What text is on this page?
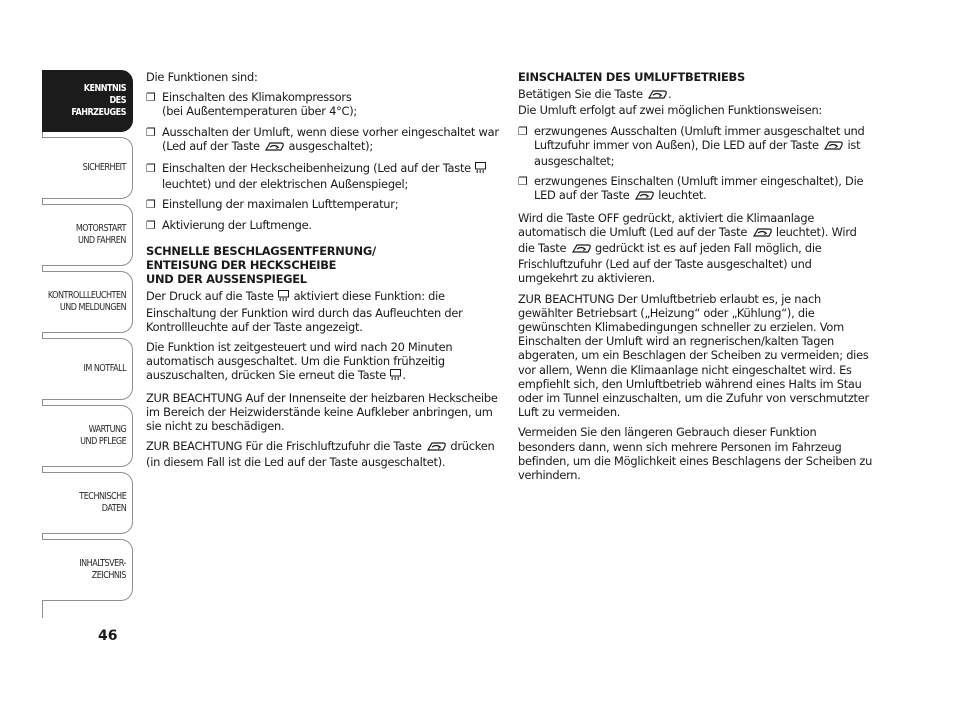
KENNTNIS
DES FAHRZEUGES
SICHERHEIT
MOTORSTART
UND FAHREN
KONTROLLLEUCHTEN
UND MELDUNGEN
IM NOTFALL
WARTUNG
UND PFLEGE
TECHNISCHE
DATEN
INHALTSVER-
ZEICHNIS
46

Die Funktionen sind:

❐ Einschalten des Klimakompressors
(bei Außentemperaturen über 4°C);
❐ Ausschalten der Umluft, wenn diese vorher eingeschaltet war (Led auf der Taste	ausgeschaltet);
❐ Einschalten der Heckscheibenheizung (Led auf der Taste  leuchtet) und der elektrischen Außenspiegel;
❐ Einstellung der maximalen Lufttemperatur;
❐ Aktivierung der Luftmenge.
SCHNELLE BESCHLAGSENTFERNUNG/
ENTEISUNG DER HECKSCHEIBE
UND DER AUSSENSPIEGEL

Der Druck auf die Taste aktiviert diese Funktion: die Einschaltung der Funktion wird durch das Aufleuchten der Kontrollleuchte auf der Taste angezeigt.

Die Funktion ist zeitgesteuert und wird nach 20 Minuten automatisch ausgeschaltet. Um die Funktion frühzeitig auszuschalten, drücken Sie erneut die Taste .

ZUR BEACHTUNG Auf der Innenseite der heizbaren Heckscheibe im Bereich der Heizwiderstände keine Aufkleber anbringen, um sie nicht zu beschädigen.

ZUR BEACHTUNG Für die Frischluftzufuhr die Taste	drücken (in diesem Fall ist die Led auf der Taste ausgeschaltet).

EINSCHALTEN DES UMLUFTBETRIEBS

Betätigen Sie die Taste .
Die Umluft erfolgt auf zwei möglichen Funktionsweisen:

❐ erzwungenes Ausschalten (Umluft immer ausgeschaltet und Luftzufuhr immer von Außen), Die LED auf der Taste	ist ausgeschaltet;
❐ erzwungenes Einschalten (Umluft immer eingeschaltet), Die LED auf der Taste	leuchtet.

Wird die Taste OFF gedrückt, aktiviert die Klimaanlage automatisch die Umluft (Led auf der Taste	leuchtet). Wird die Taste	gedrückt ist es auf jeden Fall möglich, die Frischluftzufuhr (Led auf der Taste ausgeschaltet) und umgekehrt zu aktivieren.

ZUR BEACHTUNG Der Umluftbetrieb erlaubt es, je nach gewählter Betriebsart („Heizung“ oder „Kühlung“), die gewünschten Klimabedingungen schneller zu erzielen. Vom Einschalten der Umluft wird an regnerischen/kalten Tagen abgeraten, um ein Beschlagen der Scheiben zu vermeiden; dies vor allem, Wenn die Klimaanlage nicht eingeschaltet wird. Es empfiehlt sich, den Umluftbetrieb während eines Halts im Stau oder im Tunnel einzuschalten, um die Zufuhr von verschmutzter Luft zu vermeiden.

Vermeiden Sie den längeren Gebrauch dieser Funktion besonders dann, wenn sich mehrere Personen im Fahrzeug befinden, um die Möglichkeit eines Beschlagens der Scheiben zu verhindern.
